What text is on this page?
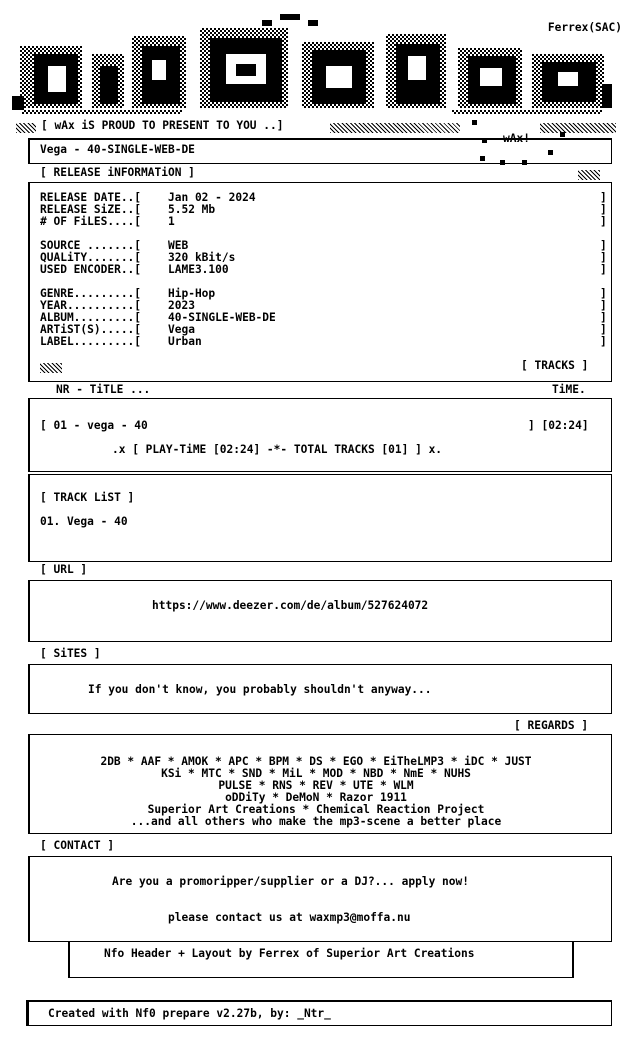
Ferrex(SAC)
[ wAx iS PROUD TO PRESENT TO YOU ..]
wAx!
Vega - 40-SINGLE-WEB-DE
[ RELEASE iNFORMATiON ]
RELEASE DATE..[ Jan 02 - 2024	]
RELEASE SiZE..[ 5.52 Mb	]
# OF FiLES....[ 1	]
SOURCE .......[ WEB	]
QUALiTY.......[ 320 kBit/s	]
USED ENCODER..[ LAME3.100	]
GENRE.........[ Hip-Hop	]
YEAR..........[ 2023	]
ALBUM.........[ 40-SINGLE-WEB-DE	]
ARTiST(S).....[ Vega	]
LABEL.........[ Urban	]
[ TRACKS ]
NR - TiTLE ...	TiME.
[ 01 - vega - 40	] [02:24]
.x [ PLAY-TiME [02:24] -*- TOTAL TRACKS [01] ] x.
[ TRACK LiST ]
01. Vega - 40
[ URL ]
https://www.deezer.com/de/album/527624072
[ SiTES ]
If you don't know, you probably shouldn't anyway...
[ REGARDS ]
2DB * AAF * AMOK * APC * BPM * DS * EGO * EiTheLMP3 * iDC * JUST
KSi * MTC * SND * MiL * MOD * NBD * NmE * NUHS
PULSE * RNS * REV * UTE * WLM
oDDiTy * DeMoN * Razor 1911
Superior Art Creations * Chemical Reaction Project
...and all others who make the mp3-scene a better place
[ CONTACT ]
Are you a promoripper/supplier or a DJ?... apply now!
please contact us at waxmp3@moffa.nu
Nfo Header + Layout by Ferrex of Superior Art Creations
Created with Nf0 prepare v2.27b, by: _Ntr_
